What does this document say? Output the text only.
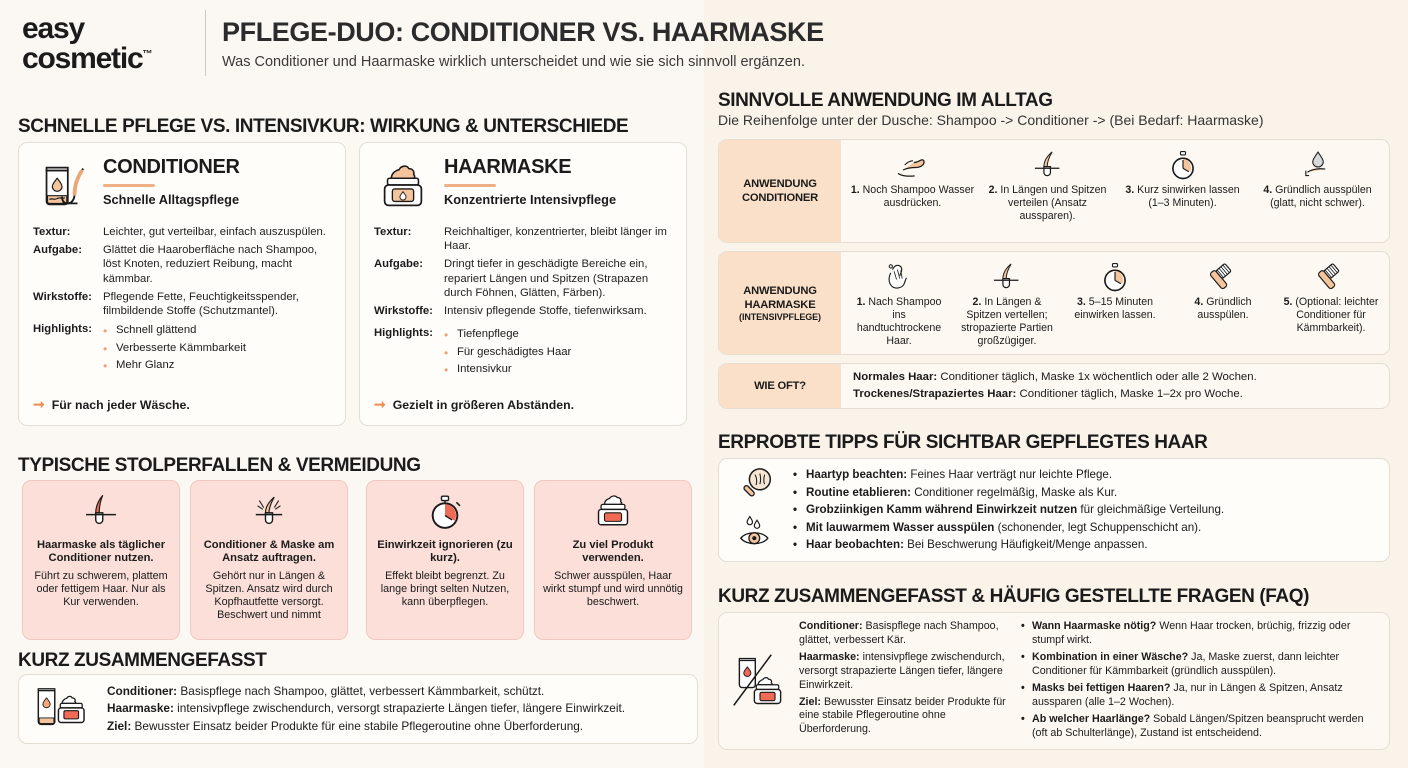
easy
cosmetic™
PFLEGE-DUO: CONDITIONER VS. HAARMASKE
Was Conditioner und Haarmaske wirklich unterscheidet und wie sie sich sinnvoll ergänzen.
SCHNELLE PFLEGE VS. INTENSIVKUR: WIRKUNG & UNTERSCHIEDE
CONDITIONER
Schnelle Alltagspflege
Textur:	Leichter, gut verteilbar, einfach auszuspülen.
Aufgabe:	Glättet die Haaroberfläche nach Shampoo, löst Knoten, reduziert Reibung, macht kämmbar.
Wirkstoffe: Pflegende Fette, Feuchtigkeitsspender, filmbildende Stoffe (Schutzmantel).
Highlights:	• Schnell glättend
• Verbesserte Kämmbarkeit
• Mehr Glanz
➞ Für nach jeder Wäsche.
HAARMASKE
Konzentrierte Intensivpflege
Textur:	Reichhaltiger, konzentrierter, bleibt länger im Haar.
Aufgabe:	Dringt tiefer in geschädigte Bereiche ein, repariert Längen und Spitzen (Strapazen durch Föhnen, Glätten, Färben).
Wirkstoffe: Intensiv pflegende Stoffe, tiefenwirksam.
Highlights:	• Tiefenpflege
• Für geschädigtes Haar
• Intensivkur
➞ Gezielt in größeren Abständen.
TYPISCHE STOLPERFALLEN & VERMEIDUNG
Haarmaske als täglicher Conditioner nutzen.
Führt zu schwerem, plattem oder fettigem Haar. Nur als Kur verwenden.
Conditioner & Maske am Ansatz auftragen.
Gehört nur in Längen & Spitzen. Ansatz wird durch Kopfhautfette versorgt. Beschwert und nimmt
Einwirkzeit ignorieren (zu kurz).
Effekt bleibt begrenzt. Zu lange bringt selten Nutzen, kann überpflegen.
Zu viel Produkt verwenden.
Schwer ausspülen, Haar wirkt stumpf und wird unnötig beschwert.
KURZ ZUSAMMENGEFASST
Conditioner: Basispflege nach Shampoo, glättet, verbessert Kämmbarkeit, schützt.
Haarmaske: intensivpflege zwischendurch, versorgt strapazierte Längen tiefer, längere Einwirkzeit.
Ziel: Bewusster Einsatz beider Produkte für eine stabile Pflegeroutine ohne Überforderung.
SINNVOLLE ANWENDUNG IM ALLTAG
Die Reihenfolge unter der Dusche: Shampoo -> Conditioner -> (Bei Bedarf: Haarmaske)
ANWENDUNG
CONDITIONER
1. Noch Shampoo Wasser ausdrücken.
2. In Längen und Spitzen verteilen (Ansatz aussparen).
3. Kurz sinwirken lassen (1–3 Minuten).
4. Gründlich ausspülen (glatt, nicht schwer).
ANWENDUNG
HAARMASKE
(INTENSIVPFLEGE)
1. Nach Shampoo ins handtuchtrockene Haar.
2. In Längen & Spitzen vertellen; stropazierte Partien großzügiger.
3. 5–15 Minuten einwirken lassen.
4. Gründlich ausspülen.
5. (Optional: leichter Conditioner für Kämmbarkeit).
WIE OFT?
Normales Haar: Conditioner täglich, Maske 1x wöchentlich oder alle 2 Wochen.
Trockenes/Strapaziertes Haar: Conditioner täglich, Maske 1–2x pro Woche.
ERPROBTE TIPPS FÜR SICHTBAR GEPFLEGTES HAAR
• Haartyp beachten: Feines Haar verträgt nur leichte Pflege.
• Routine etablieren: Conditioner regelmäßig, Maske als Kur.
• Grobziinkigen Kamm während Einwirkzeit nutzen für gleichmäßige Verteilung.
• Mit lauwarmem Wasser ausspülen (schonender, legt Schuppenschicht an).
• Haar beobachten: Bei Beschwerung Häufigkeit/Menge anpassen.
KURZ ZUSAMMENGEFASST & HÄUFIG GESTELLTE FRAGEN (FAQ)
Conditioner: Basispflege nach Shampoo, glättet, verbessert Kär.
Haarmaske: intensivpflege zwischendurch, versorgt strapazierte Längen tiefer, längere Einwirkzeit.
Ziel: Bewusster Einsatz beider Produkte für eine stabile Pflegeroutine ohne Überforderung.
• Wann Haarmaske nötig? Wenn Haar trocken, brüchig, frizzig oder stumpf wirkt.
• Kombination in einer Wäsche? Ja, Maske zuerst, dann leichter Conditioner für Kämmbarkeit (gründlich ausspülen).
• Masks bei fettigen Haaren? Ja, nur in Längen & Spitzen, Ansatz aussparen (alle 1–2 Wochen).
• Ab welcher Haarlänge? Sobald Längen/Spitzen beansprucht werden (oft ab Schulterlänge), Zustand ist entscheidend.
